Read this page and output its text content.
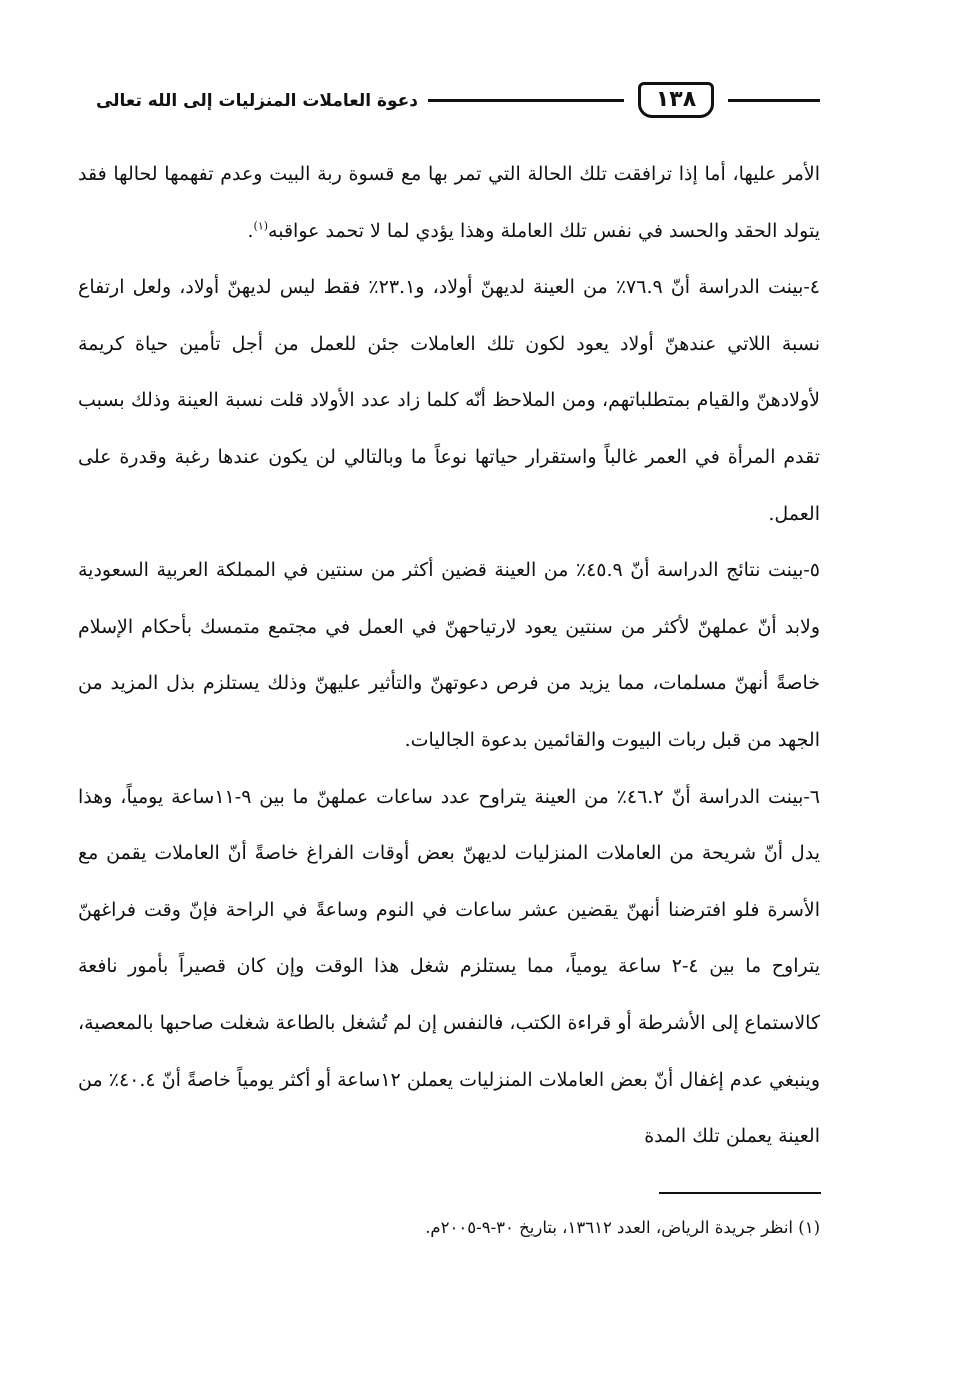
١٣٨
دعوة العاملات المنزليات إلى الله تعالى

الأمر عليها، أما إذا ترافقت تلك الحالة التي تمر بها مع قسوة ربة البيت وعدم تفهمها لحالها فقد يتولد الحقد والحسد في نفس تلك العاملة وهذا يؤدي لما لا تحمد عواقبه$^{(١)}$.

٤-بينت الدراسة أنّ ٧٦.٩٪ من العينة لديهنّ أولاد، و٢٣.١٪ فقط ليس لديهنّ أولاد، ولعل ارتفاع نسبة اللاتي عندهنّ أولاد يعود لكون تلك العاملات جئن للعمل من أجل تأمين حياة كريمة لأولادهنّ والقيام بمتطلباتهم، ومن الملاحظ أنّه كلما زاد عدد الأولاد قلت نسبة العينة وذلك بسبب تقدم المرأة في العمر غالباً واستقرار حياتها نوعاً ما وبالتالي لن يكون عندها رغبة وقدرة على العمل.

٥-بينت نتائج الدراسة أنّ ٤٥.٩٪ من العينة قضين أكثر من سنتين في المملكة العربية السعودية ولابد أنّ عملهنّ لأكثر من سنتين يعود لارتياحهنّ في العمل في مجتمع متمسك بأحكام الإسلام خاصةً أنهنّ مسلمات، مما يزيد من فرص دعوتهنّ والتأثير عليهنّ وذلك يستلزم بذل المزيد من الجهد من قبل ربات البيوت والقائمين بدعوة الجاليات.

٦-بينت الدراسة أنّ ٤٦.٢٪ من العينة يتراوح عدد ساعات عملهنّ ما بين ٩-١١ساعة يومياً، وهذا يدل أنّ شريحة من العاملات المنزليات لديهنّ بعض أوقات الفراغ خاصةً أنّ العاملات يقمن مع الأسرة فلو افترضنا أنهنّ يقضين عشر ساعات في النوم وساعةً في الراحة فإنّ وقت فراغهنّ يتراوح ما بين ٤-٢ ساعة يومياً، مما يستلزم شغل هذا الوقت وإن كان قصيراً بأمور نافعة كالاستماع إلى الأشرطة أو قراءة الكتب، فالنفس إن لم تُشغل بالطاعة شغلت صاحبها بالمعصية، وينبغي عدم إغفال أنّ بعض العاملات المنزليات يعملن ١٢ساعة أو أكثر يومياً خاصةً أنّ ٤٠.٤٪ من العينة يعملن تلك المدة

(١) انظر جريدة الرياض، العدد ١٣٦١٢، بتاريخ ٣٠-٩-٢٠٠٥م.
